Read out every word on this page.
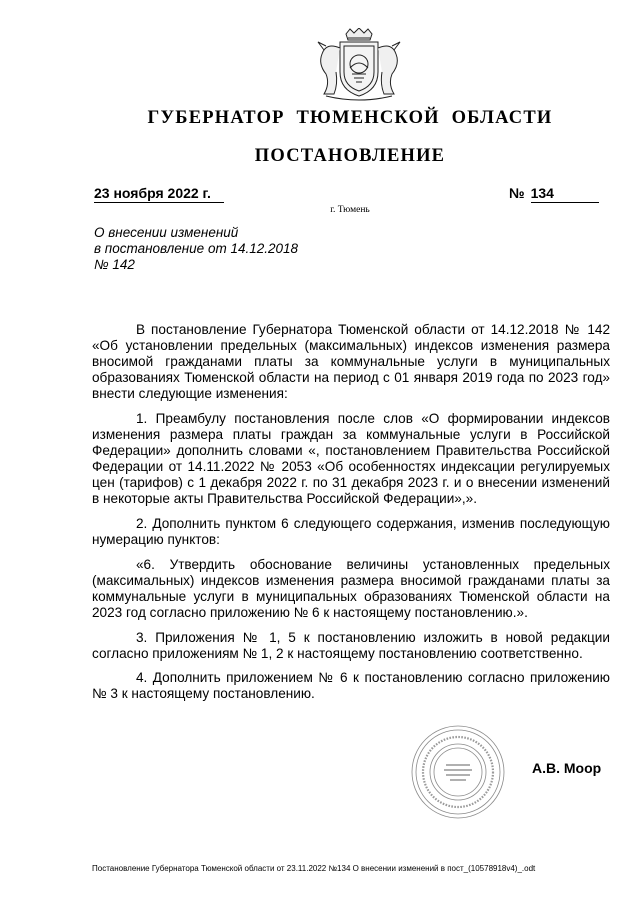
ГУБЕРНАТОР ТЮМЕНСКОЙ ОБЛАСТИ
ПОСТАНОВЛЕНИЕ
23 ноября 2022 г.	№ 134
г. Тюмень
О внесении изменений
в постановление от 14.12.2018
№ 142

В постановление Губернатора Тюменской области от 14.12.2018 № 142 «Об установлении предельных (максимальных) индексов изменения размера вносимой гражданами платы за коммунальные услуги в муниципальных образованиях Тюменской области на период с 01 января 2019 года по 2023 год» внести следующие изменения:

1. Преамбулу постановления после слов «О формировании индексов изменения размера платы граждан за коммунальные услуги в Российской Федерации» дополнить словами «, постановлением Правительства Российской Федерации от 14.11.2022 № 2053 «Об особенностях индексации регулируемых цен (тарифов) с 1 декабря 2022 г. по 31 декабря 2023 г. и о внесении изменений в некоторые акты Правительства Российской Федерации»,».

2. Дополнить пунктом 6 следующего содержания, изменив последующую нумерацию пунктов:

«6. Утвердить обоснование величины установленных предельных (максимальных) индексов изменения размера вносимой гражданами платы за коммунальные услуги в муниципальных образованиях Тюменской области на 2023 год согласно приложению № 6 к настоящему постановлению.».

3. Приложения № 1, 5 к постановлению изложить в новой редакции согласно приложениям № 1, 2 к настоящему постановлению соответственно.

4. Дополнить приложением № 6 к постановлению согласно приложению № 3 к настоящему постановлению.

А.В. Моор
Постановление Губернатора Тюменской области от 23.11.2022 №134 О внесении изменений в пост_(10578918v4)_.odt
